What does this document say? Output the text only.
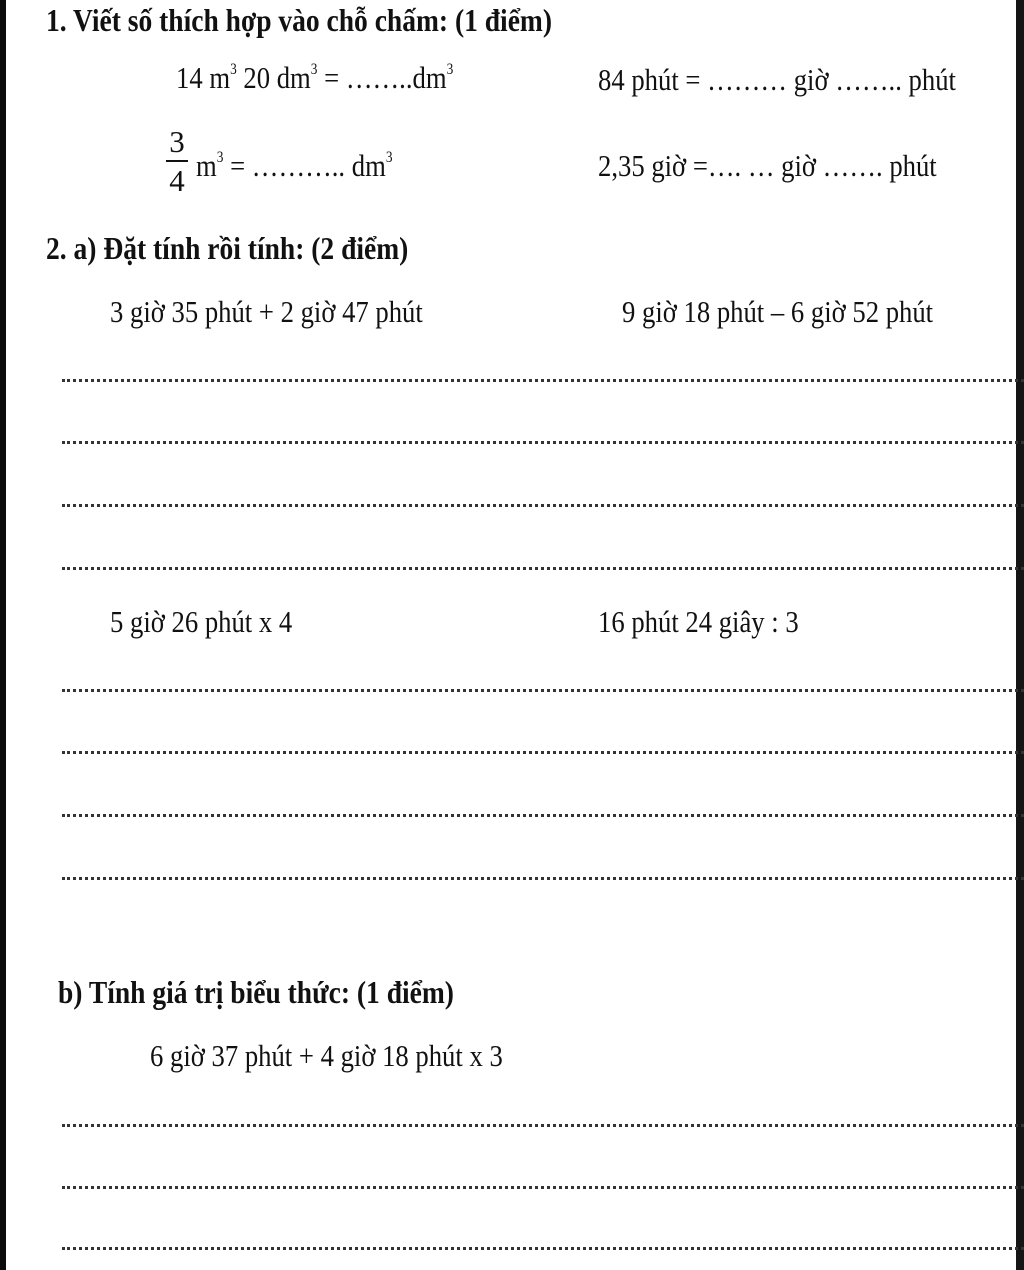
1. Viết số thích hợp vào chỗ chấm: (1 điểm)
14 $m^3$ 20 $dm^3$ = $\dots\dots..dm^3$	84 phút = ……… giờ …….. phút
3
4 $m^3$ = ……….. $dm^3$	2,35 giờ =…. … giờ ……. phút
2. a) Đặt tính rồi tính: (2 điểm)
3 giờ 35 phút + 2 giờ 47 phút	9 giờ 18 phút – 6 giờ 52 phút
5 giờ 26 phút x 4	16 phút 24 giây : 3
b) Tính giá trị biểu thức: (1 điểm)
6 giờ 37 phút + 4 giờ 18 phút x 3
